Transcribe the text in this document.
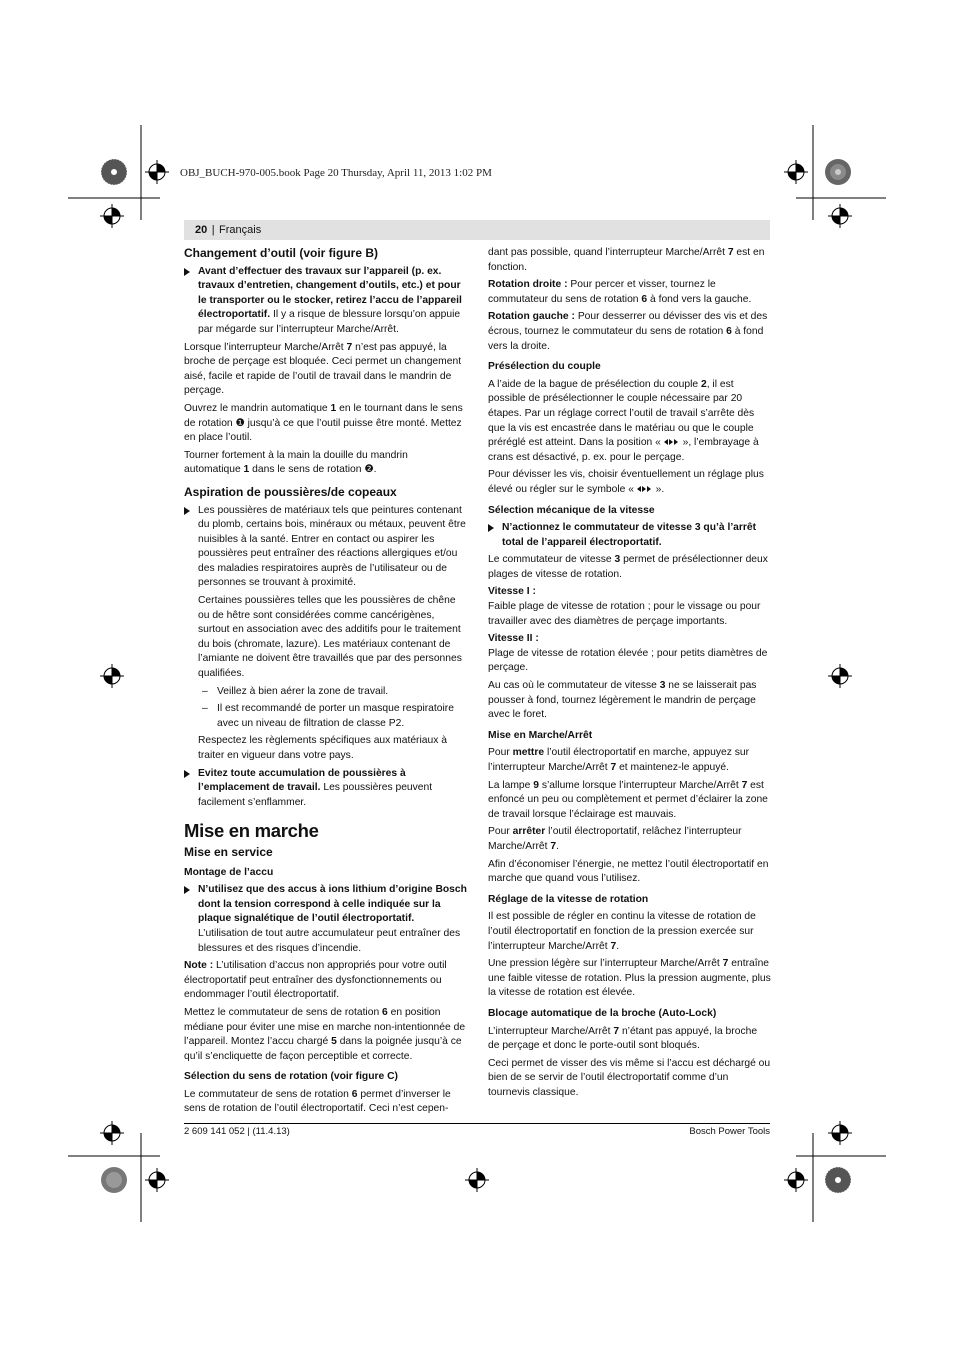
OBJ_BUCH-970-005.book Page 20 Thursday, April 11, 2013 1:02 PM
20 | Français
Changement d’outil (voir figure B)
Avant d’effectuer des travaux sur l’appareil (p. ex. travaux d’entretien, changement d’outils, etc.) et pour le transporter ou le stocker, retirez l’accu de l’appareil électroportatif. Il y a risque de blessure lorsqu’on appuie par mégarde sur l’interrupteur Marche/Arrêt.

Lorsque l’interrupteur Marche/Arrêt 7 n’est pas appuyé, la broche de perçage est bloquée. Ceci permet un changement aisé, facile et rapide de l’outil de travail dans le mandrin de perçage.

Ouvrez le mandrin automatique 1 en le tournant dans le sens de rotation ❶ jusqu’à ce que l’outil puisse être monté. Mettez en place l’outil.

Tourner fortement à la main la douille du mandrin automatique 1 dans le sens de rotation ❷.

Aspiration de poussières/de copeaux
Les poussières de matériaux tels que peintures contenant du plomb, certains bois, minéraux ou métaux, peuvent être nuisibles à la santé. Entrer en contact ou aspirer les poussières peut entraîner des réactions allergiques et/ou des maladies respiratoires auprès de l’utilisateur ou de personnes se trouvant à proximité.

Certaines poussières telles que les poussières de chêne ou de hêtre sont considérées comme cancérigènes, surtout en association avec des additifs pour le traitement du bois (chromate, lazure). Les matériaux contenant de l’amiante ne doivent être travaillés que par des personnes qualifiées.

– Veillez à bien aérer la zone de travail.

– Il est recommandé de porter un masque respiratoire avec un niveau de filtration de classe P2.

Respectez les règlements spécifiques aux matériaux à traiter en vigueur dans votre pays.

Evitez toute accumulation de poussières à l’emplacement de travail. Les poussières peuvent facilement s’enflammer.
Mise en marche
Mise en service
Montage de l’accu
N’utilisez que des accus à ions lithium d’origine Bosch dont la tension correspond à celle indiquée sur la plaque signalétique de l’outil électroportatif. L’utilisation de tout autre accumulateur peut entraîner des blessures et des risques d’incendie.

Note : L’utilisation d’accus non appropriés pour votre outil électroportatif peut entraîner des dysfonctionnements ou endommager l’outil électroportatif.

Mettez le commutateur de sens de rotation 6 en position médiane pour éviter une mise en marche non-intentionnée de l’appareil. Montez l’accu chargé 5 dans la poignée jusqu’à ce qu’il s’encliquette de façon perceptible et correcte.

Sélection du sens de rotation (voir figure C)

Le commutateur de sens de rotation 6 permet d’inverser le sens de rotation de l’outil électroportatif. Ceci n’est cepen-

dant pas possible, quand l’interrupteur Marche/Arrêt 7 est en fonction.

Rotation droite : Pour percer et visser, tournez le commutateur du sens de rotation 6 à fond vers la gauche.

Rotation gauche : Pour desserrer ou dévisser des vis et des écrous, tournez le commutateur du sens de rotation 6 à fond vers la droite.

Présélection du couple

A l’aide de la bague de présélection du couple 2, il est possible de présélectionner le couple nécessaire par 20 étapes. Par un réglage correct l’outil de travail s’arrête dès que la vis est encastrée dans le matériau ou que le couple préréglé est atteint. Dans la position «  », l’embrayage à crans est désactivé, p. ex. pour le perçage.

Pour dévisser les vis, choisir éventuellement un réglage plus élevé ou régler sur le symbole «  ».

Sélection mécanique de la vitesse
N’actionnez le commutateur de vitesse 3 qu’à l’arrêt total de l’appareil électroportatif.

Le commutateur de vitesse 3 permet de présélectionner deux plages de vitesse de rotation.

Vitesse I :

Faible plage de vitesse de rotation ; pour le vissage ou pour travailler avec des diamètres de perçage importants.

Vitesse II :

Plage de vitesse de rotation élevée ; pour petits diamètres de perçage.

Au cas où le commutateur de vitesse 3 ne se laisserait pas pousser à fond, tournez légèrement le mandrin de perçage avec le foret.

Mise en Marche/Arrêt

Pour mettre l’outil électroportatif en marche, appuyez sur l’interrupteur Marche/Arrêt 7 et maintenez-le appuyé.

La lampe 9 s’allume lorsque l’interrupteur Marche/Arrêt 7 est enfoncé un peu ou complètement et permet d’éclairer la zone de travail lorsque l’éclairage est mauvais.

Pour arrêter l’outil électroportatif, relâchez l’interrupteur Marche/Arrêt 7.

Afin d’économiser l’énergie, ne mettez l’outil électroportatif en marche que quand vous l’utilisez.

Réglage de la vitesse de rotation

Il est possible de régler en continu la vitesse de rotation de l’outil électroportatif en fonction de la pression exercée sur l’interrupteur Marche/Arrêt 7.

Une pression légère sur l’interrupteur Marche/Arrêt 7 entraîne une faible vitesse de rotation. Plus la pression augmente, plus la vitesse de rotation est élevée.

Blocage automatique de la broche (Auto-Lock)

L’interrupteur Marche/Arrêt 7 n’étant pas appuyé, la broche de perçage et donc le porte-outil sont bloqués.

Ceci permet de visser des vis même si l’accu est déchargé ou bien de se servir de l’outil électroportatif comme d’un tournevis classique.

2 609 141 052 | (11.4.13)	Bosch Power Tools
